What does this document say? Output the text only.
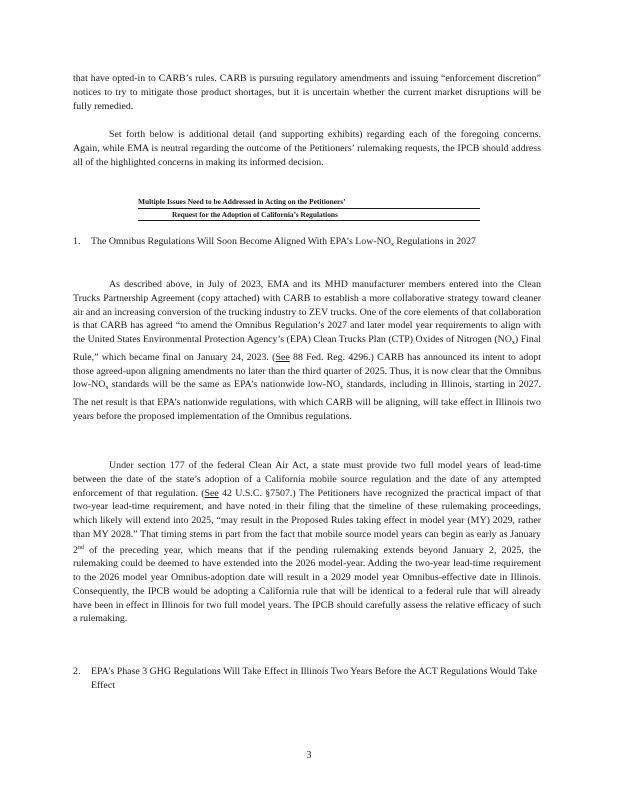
that have opted-in to CARB’s rules. CARB is pursuing regulatory amendments and issuing “enforcement discretion” notices to try to mitigate those product shortages, but it is uncertain whether the current market disruptions will be fully remedied.

Set forth below is additional detail (and supporting exhibits) regarding each of the foregoing concerns. Again, while EMA is neutral regarding the outcome of the Petitioners’ rulemaking requests, the IPCB should address all of the highlighted concerns in making its informed decision.

Multiple Issues Need to be Addressed in Acting on the Petitioners’
Request for the Adoption of California’s Regulations
1.	The Omnibus Regulations Will Soon Become Aligned With EPA’s Low-$NO_x$ Regulations in 2027

As described above, in July of 2023, EMA and its MHD manufacturer members entered into the Clean Trucks Partnership Agreement (copy attached) with CARB to establish a more collaborative strategy toward cleaner air and an increasing conversion of the trucking industry to ZEV trucks. One of the core elements of that collaboration is that CARB has agreed “to amend the Omnibus Regulation’s 2027 and later model year requirements to align with the United States Environmental Protection Agency’s (EPA) Clean Trucks Plan (CTP) Oxides of Nitrogen $(NO_x)$ Final Rule,” which became final on January 24, 2023. (See 88 Fed. Reg. 4296.) CARB has announced its intent to adopt those agreed-upon aligning amendments no later than the third quarter of 2025. Thus, it is now clear that the Omnibus low-$NO_x$ standards will be the same as EPA’s nationwide low-$NO_x$ standards, including in Illinois, starting in 2027. The net result is that EPA’s nationwide regulations, with which CARB will be aligning, will take effect in Illinois two years before the proposed implementation of the Omnibus regulations.

Under section 177 of the federal Clean Air Act, a state must provide two full model years of lead-time between the date of the state’s adoption of a California mobile source regulation and the date of any attempted enforcement of that regulation. (See 42 U.S.C. §7507.) The Petitioners have recognized the practical impact of that two-year lead-time requirement, and have noted in their filing that the timeline of these rulemaking proceedings, which likely will extend into 2025, “may result in the Proposed Rules taking effect in model year (MY) 2029, rather than MY 2028.” That timing stems in part from the fact that mobile source model years can begin as early as January 2nd of the preceding year, which means that if the pending rulemaking extends beyond January 2, 2025, the rulemaking could be deemed to have extended into the 2026 model-year. Adding the two-year lead-time requirement to the 2026 model year Omnibus-adoption date will result in a 2029 model year Omnibus-effective date in Illinois. Consequently, the IPCB would be adopting a California rule that will be identical to a federal rule that will already have been in effect in Illinois for two full model years. The IPCB should carefully assess the relative efficacy of such a rulemaking.

2.	EPA’s Phase 3 GHG Regulations Will Take Effect in Illinois Two Years Before the ACT Regulations Would Take Effect
3
